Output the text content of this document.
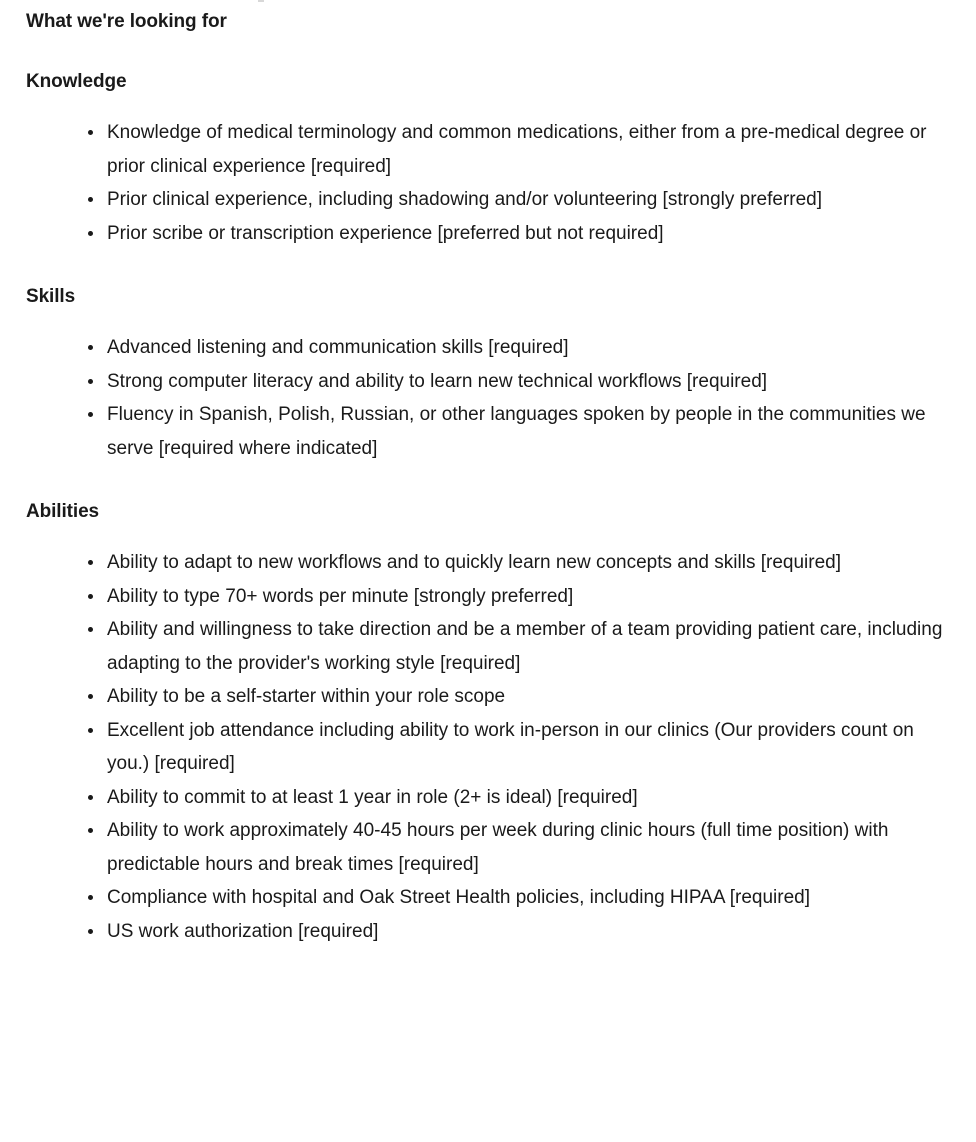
What we're looking for
Knowledge
Knowledge of medical terminology and common medications, either from a pre-medical degree or prior clinical experience [required]
Prior clinical experience, including shadowing and/or volunteering [strongly preferred]
Prior scribe or transcription experience [preferred but not required]
Skills
Advanced listening and communication skills [required]
Strong computer literacy and ability to learn new technical workflows [required]
Fluency in Spanish, Polish, Russian, or other languages spoken by people in the communities we serve [required where indicated]
Abilities
Ability to adapt to new workflows and to quickly learn new concepts and skills [required]
Ability to type 70+ words per minute [strongly preferred]
Ability and willingness to take direction and be a member of a team providing patient care, including adapting to the provider's working style [required]
Ability to be a self-starter within your role scope
Excellent job attendance including ability to work in-person in our clinics (Our providers count on you.) [required]
Ability to commit to at least 1 year in role (2+ is ideal) [required]
Ability to work approximately 40-45 hours per week during clinic hours (full time position) with predictable hours and break times [required]
Compliance with hospital and Oak Street Health policies, including HIPAA [required]
US work authorization [required]
